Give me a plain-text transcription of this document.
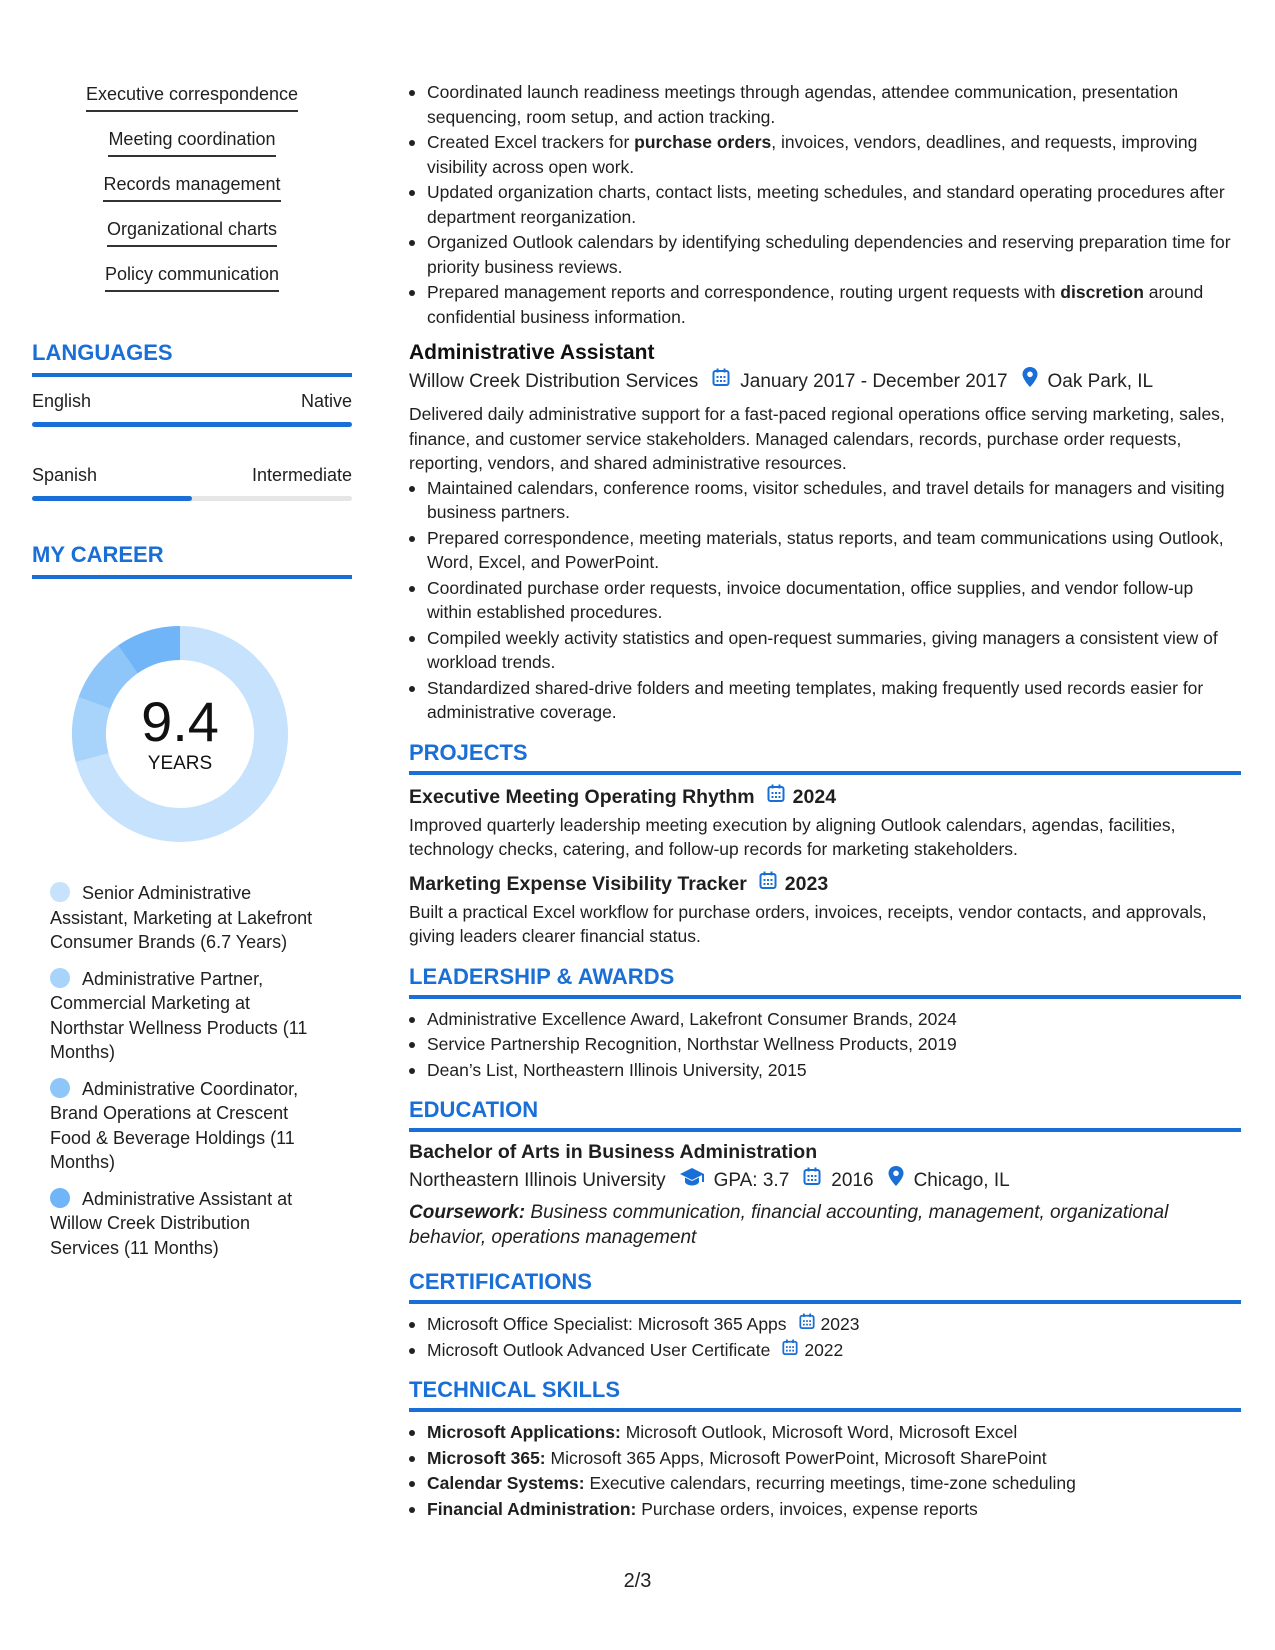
Executive correspondence
Meeting coordination
Records management
Organizational charts
Policy communication
LANGUAGES
English	Native
Spanish	Intermediate
MY CAREER
9.4
YEARS
Senior Administrative Assistant, Marketing at Lakefront Consumer Brands (6.7 Years)
Administrative Partner, Commercial Marketing at Northstar Wellness Products (11 Months)
Administrative Coordinator, Brand Operations at Crescent Food & Beverage Holdings (11 Months)
Administrative Assistant at Willow Creek Distribution Services (11 Months)
Coordinated launch readiness meetings through agendas, attendee communication, presentation sequencing, room setup, and action tracking.
Created Excel trackers for purchase orders, invoices, vendors, deadlines, and requests, improving visibility across open work.
Updated organization charts, contact lists, meeting schedules, and standard operating procedures after department reorganization.
Organized Outlook calendars by identifying scheduling dependencies and reserving preparation time for priority business reviews.
Prepared management reports and correspondence, routing urgent requests with discretion around confidential business information.
Administrative Assistant
Willow Creek Distribution Services January 2017 - December 2017 Oak Park, IL
Delivered daily administrative support for a fast-paced regional operations office serving marketing, sales, finance, and customer service stakeholders. Managed calendars, records, purchase order requests, reporting, vendors, and shared administrative resources.
Maintained calendars, conference rooms, visitor schedules, and travel details for managers and visiting business partners.
Prepared correspondence, meeting materials, status reports, and team communications using Outlook, Word, Excel, and PowerPoint.
Coordinated purchase order requests, invoice documentation, office supplies, and vendor follow-up within established procedures.
Compiled weekly activity statistics and open-request summaries, giving managers a consistent view of workload trends.
Standardized shared-drive folders and meeting templates, making frequently used records easier for administrative coverage.
PROJECTS
Executive Meeting Operating Rhythm 2024
Improved quarterly leadership meeting execution by aligning Outlook calendars, agendas, facilities, technology checks, catering, and follow-up records for marketing stakeholders.
Marketing Expense Visibility Tracker 2023
Built a practical Excel workflow for purchase orders, invoices, receipts, vendor contacts, and approvals, giving leaders clearer financial status.
LEADERSHIP & AWARDS
Administrative Excellence Award, Lakefront Consumer Brands, 2024
Service Partnership Recognition, Northstar Wellness Products, 2019
Dean’s List, Northeastern Illinois University, 2015
EDUCATION
Bachelor of Arts in Business Administration
Northeastern Illinois University	GPA: 3.7 2016 Chicago, IL
Coursework: Business communication, financial accounting, management, organizational behavior, operations management
CERTIFICATIONS
Microsoft Office Specialist: Microsoft 365 Apps 2023
Microsoft Outlook Advanced User Certificate 2022
TECHNICAL SKILLS
Microsoft Applications: Microsoft Outlook, Microsoft Word, Microsoft Excel
Microsoft 365: Microsoft 365 Apps, Microsoft PowerPoint, Microsoft SharePoint
Calendar Systems: Executive calendars, recurring meetings, time-zone scheduling
Financial Administration: Purchase orders, invoices, expense reports
2/3
